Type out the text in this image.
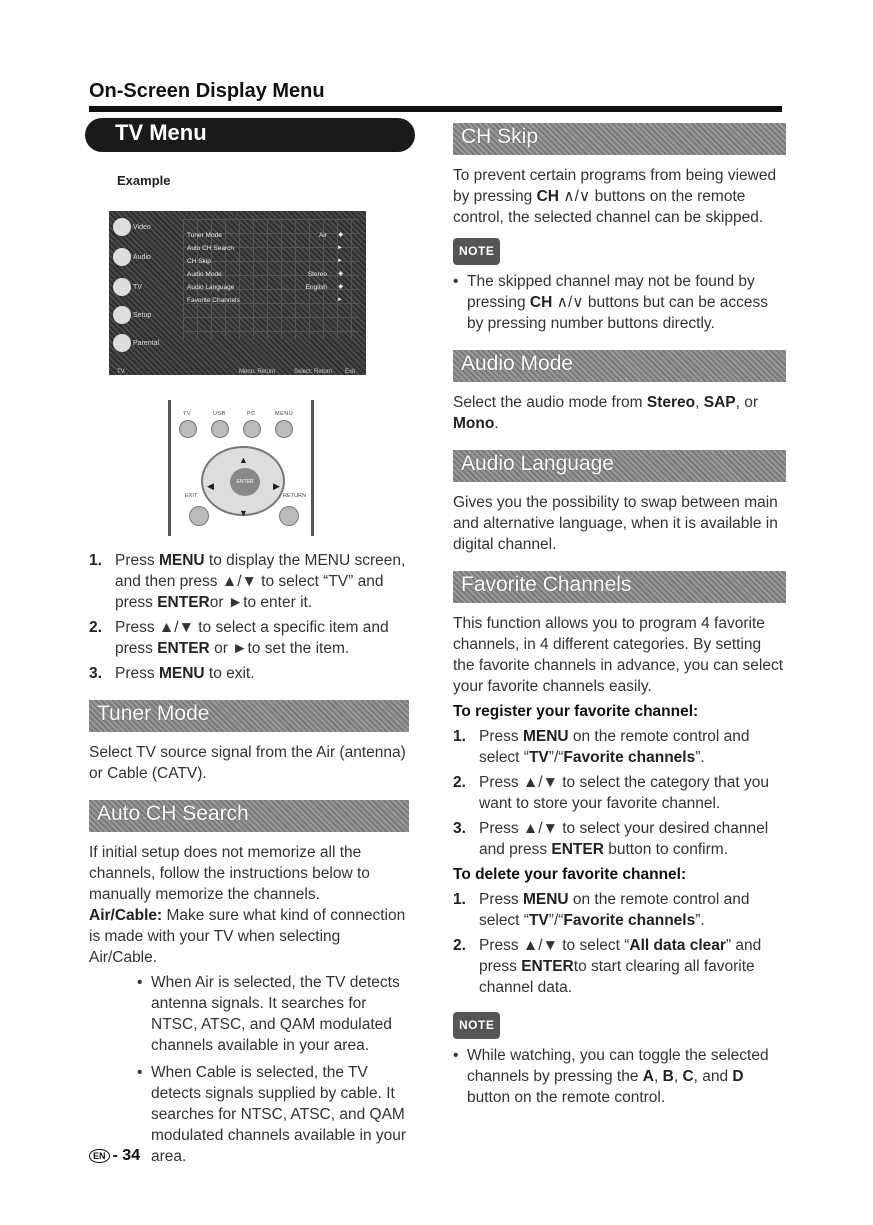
On-Screen Display Menu
TV Menu
Example
Video
Audio
TV
Setup
Parental
Tuner Mode	Air ◆
Auto CH Search	►
CH Skip	►
Audio Mode	Stereo ◆
Audio Language	English ◆
Favorite Channels	►
TV	Menu: Return	Select: Return Exit
TV	USB	PC	MENU
▲
▼
◀	▶
ENTER
EXIT	RETURN
1. Press MENU to display the MENU screen, and then press ▲/▼ to select “TV” and press ENTERor ►to enter it.
2. Press ▲/▼ to select a specific item and press ENTER or ►to set the item.
3. Press MENU to exit.
Tuner Mode

Select TV source signal from the Air (antenna) or Cable (CATV).

Auto CH Search

If initial setup does not memorize all the channels, follow the instructions below to manually memorize the channels.

Air/Cable: Make sure what kind of connection is made with your TV when selecting Air/Cable.

• When Air is selected, the TV detects antenna signals. It searches for NTSC, ATSC, and QAM modulated channels available in your area.
• When Cable is selected, the TV detects signals supplied by cable. It searches for NTSC, ATSC, and QAM modulated channels available in your area.
CH Skip

To prevent certain programs from being viewed by pressing CH ∧/∨ buttons on the remote control, the selected channel can be skipped.

NOTE
• The skipped channel may not be found by pressing CH ∧/∨ buttons but can be access by pressing number buttons directly.
Audio Mode

Select the audio mode from Stereo, SAP, or Mono.

Audio Language

Gives you the possibility to swap between main and alternative language, when it is available in digital channel.

Favorite Channels

This function allows you to program 4 favorite channels, in 4 different categories. By setting the favorite channels in advance, you can select your favorite channels easily.

To register your favorite channel:
1. Press MENU on the remote control and select “TV”/“Favorite channels”.
2. Press ▲/▼ to select the category that you want to store your favorite channel.
3. Press ▲/▼ to select your desired channel and press ENTER button to confirm.
To delete your favorite channel:
1. Press MENU on the remote control and select “TV”/“Favorite channels”.
2. Press ▲/▼ to select “All data clear” and press ENTERto start clearing all favorite channel data.
NOTE
• While watching, you can toggle the selected channels by pressing the A, B, C, and D button on the remote control.
EN - 34
